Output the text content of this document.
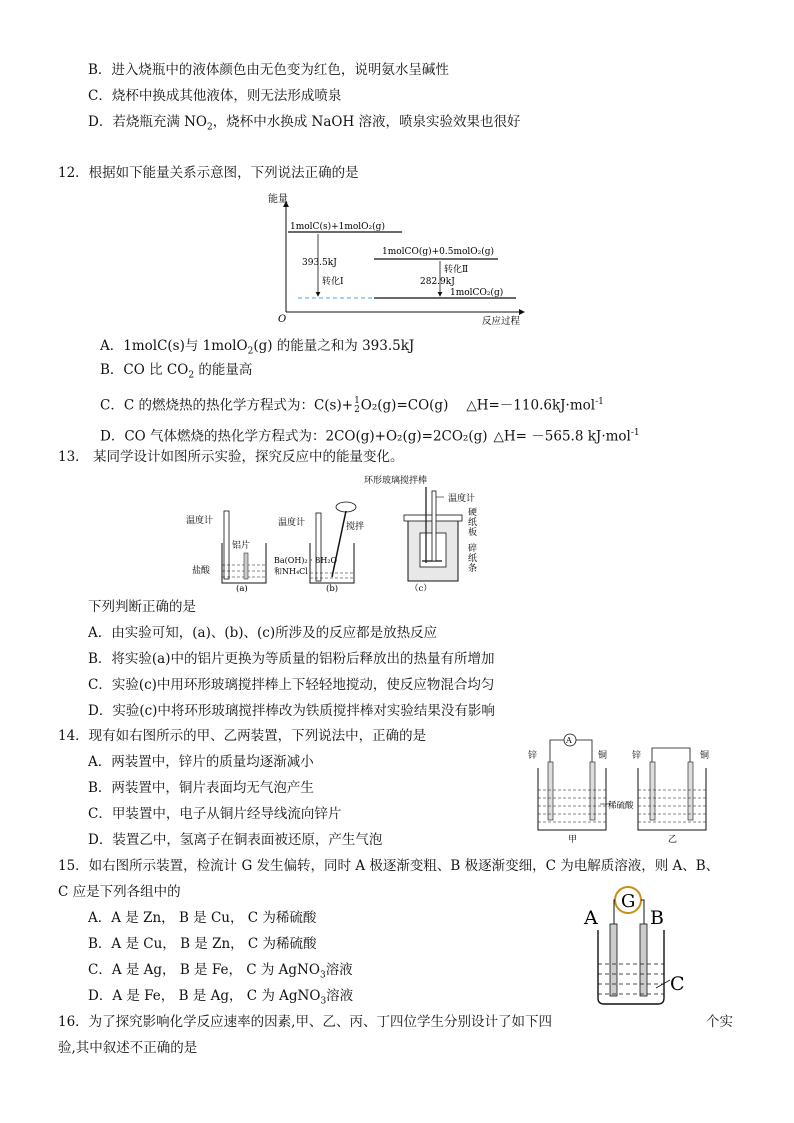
B．进入烧瓶中的液体颜色由无色变为红色，说明氨水呈碱性
C．烧杯中换成其他液体，则无法形成喷泉
D．若烧瓶充满 $NO_2$，烧杯中水换成 NaOH 溶液，喷泉实验效果也很好
12．根据如下能量关系示意图，下列说法正确的是
能量
O	反应过程
1molC(s)+1molO₂(g)
1molCO(g)+0.5molO₂(g)
1molCO₂(g)
393.5kJ
转化Ⅰ
转化Ⅱ
282.9kJ
A．1molC(s)与 1molO$_2$(g) 的能量之和为 393.5kJ
B．CO 比 $CO_2$ 的能量高
C．C 的燃烧热的热化学方程式为：C(s)+ 1
2 O₂(g)=CO(g) △H=－110.6kJ·mol$^{-1}$
D．CO 气体燃烧的热化学方程式为：2CO(g)+O₂(g)=2CO₂(g) △H= －565.8 kJ·mol$^{-1}$
13． 某同学设计如图所示实验，探究反应中的能量变化。
温度计
铝片
盐酸
(a)
温度计	搅拌
Ba(OH)₂ · 8H₂O
和NH₄Cl
(b)
环形玻璃搅拌棒
温度计
硬
纸
板
碎
纸
条
（c）
下列判断正确的是
A．由实验可知，(a)、(b)、(c)所涉及的反应都是放热反应
B．将实验(a)中的铝片更换为等质量的铝粉后释放出的热量有所增加
C．实验(c)中用环形玻璃搅拌棒上下轻轻地搅动，使反应物混合均匀
D．实验(c)中将环形玻璃搅拌棒改为铁质搅拌棒对实验结果没有影响
14．现有如右图所示的甲、乙两装置，下列说法中，正确的是
A．两装置中，锌片的质量均逐渐减小
B．两装置中，铜片表面均无气泡产生
C．甲装置中，电子从铜片经导线流向锌片
D．装置乙中，氢离子在铜表面被还原，产生气泡
A
锌	铜
稀硫酸
甲
锌	铜
乙
15．如右图所示装置，检流计 G 发生偏转，同时 A 极逐渐变粗、B 极逐渐变细，C 为电解质溶液，则 A、B、
C 应是下列各组中的
A．A 是 Zn， B 是 Cu， C 为稀硫酸
B．A 是 Cu， B 是 Zn， C 为稀硫酸
C．A 是 Ag， B 是 Fe， C 为 AgNO$_3$溶液
D．A 是 Fe， B 是 Ag， C 为 AgNO$_3$溶液
G
A	B
C
16．为了探究影响化学反应速率的因素,甲、乙、丙、丁四位学生分别设计了如下四	个实
验,其中叙述不正确的是
